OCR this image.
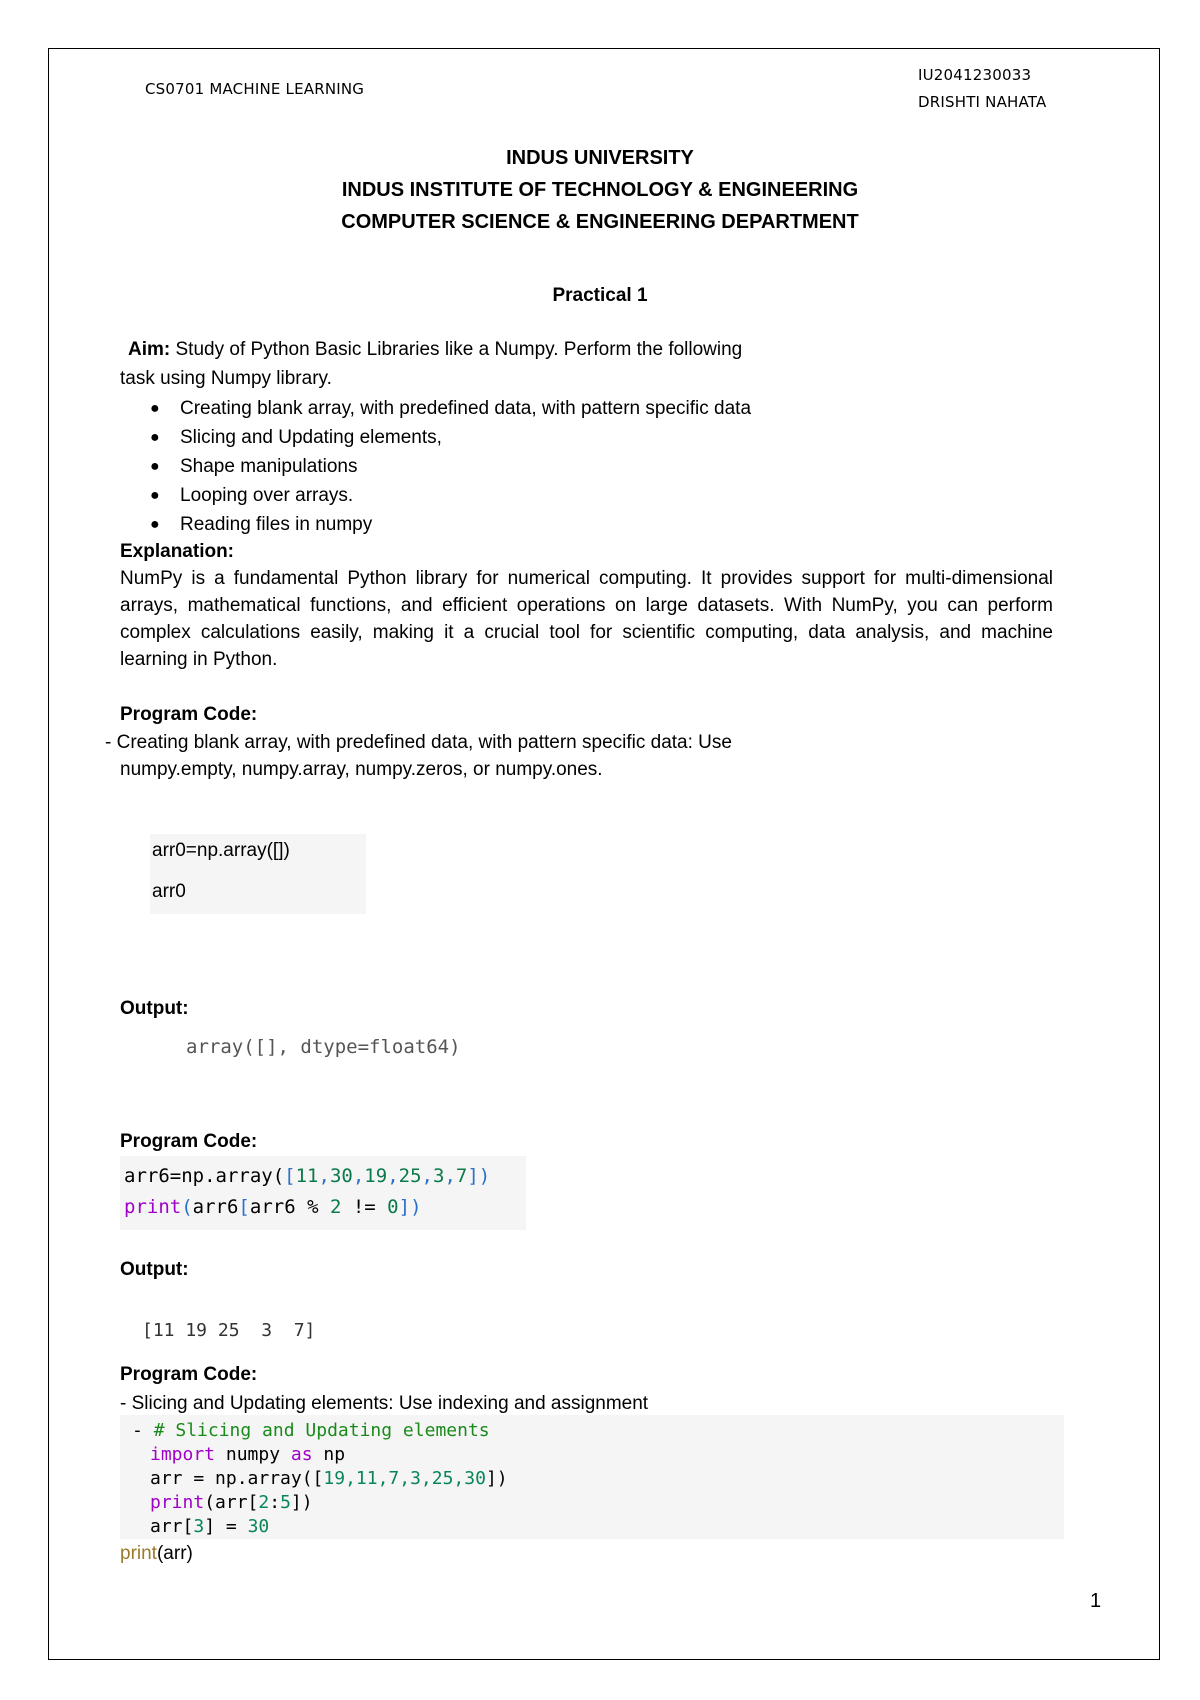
CS0701 MACHINE LEARNING
IU2041230033
DRISHTI NAHATA
INDUS UNIVERSITY
INDUS INSTITUTE OF TECHNOLOGY & ENGINEERING
COMPUTER SCIENCE & ENGINEERING DEPARTMENT
Practical 1
Aim: Study of Python Basic Libraries like a Numpy. Perform the following
task using Numpy library.
● Creating blank array, with predefined data, with pattern specific data
● Slicing and Updating elements,
● Shape manipulations
● Looping over arrays.
● Reading files in numpy
Explanation:
NumPy is a fundamental Python library for numerical computing. It provides support for multi-dimensional arrays, mathematical functions, and efficient operations on large datasets. With NumPy, you can perform complex calculations easily, making it a crucial tool for scientific computing, data analysis, and machine learning in Python.
Program Code:
- Creating blank array, with predefined data, with pattern specific data: Use
numpy.empty, numpy.array, numpy.zeros, or numpy.ones.
arr0=np.array([])
arr0
Output:
array([], dtype=float64)
Program Code:
arr6=np.array([11,30,19,25,3,7])
print(arr6[arr6 % 2 != 0])
Output:
[11 19 25  3  7]
Program Code:
- Slicing and Updating elements: Use indexing and assignment
- # Slicing and Updating elements
import numpy as np
arr = np.array([19,11,7,3,25,30])
print(arr[2:5])
arr[3] = 30
print(arr)
1
